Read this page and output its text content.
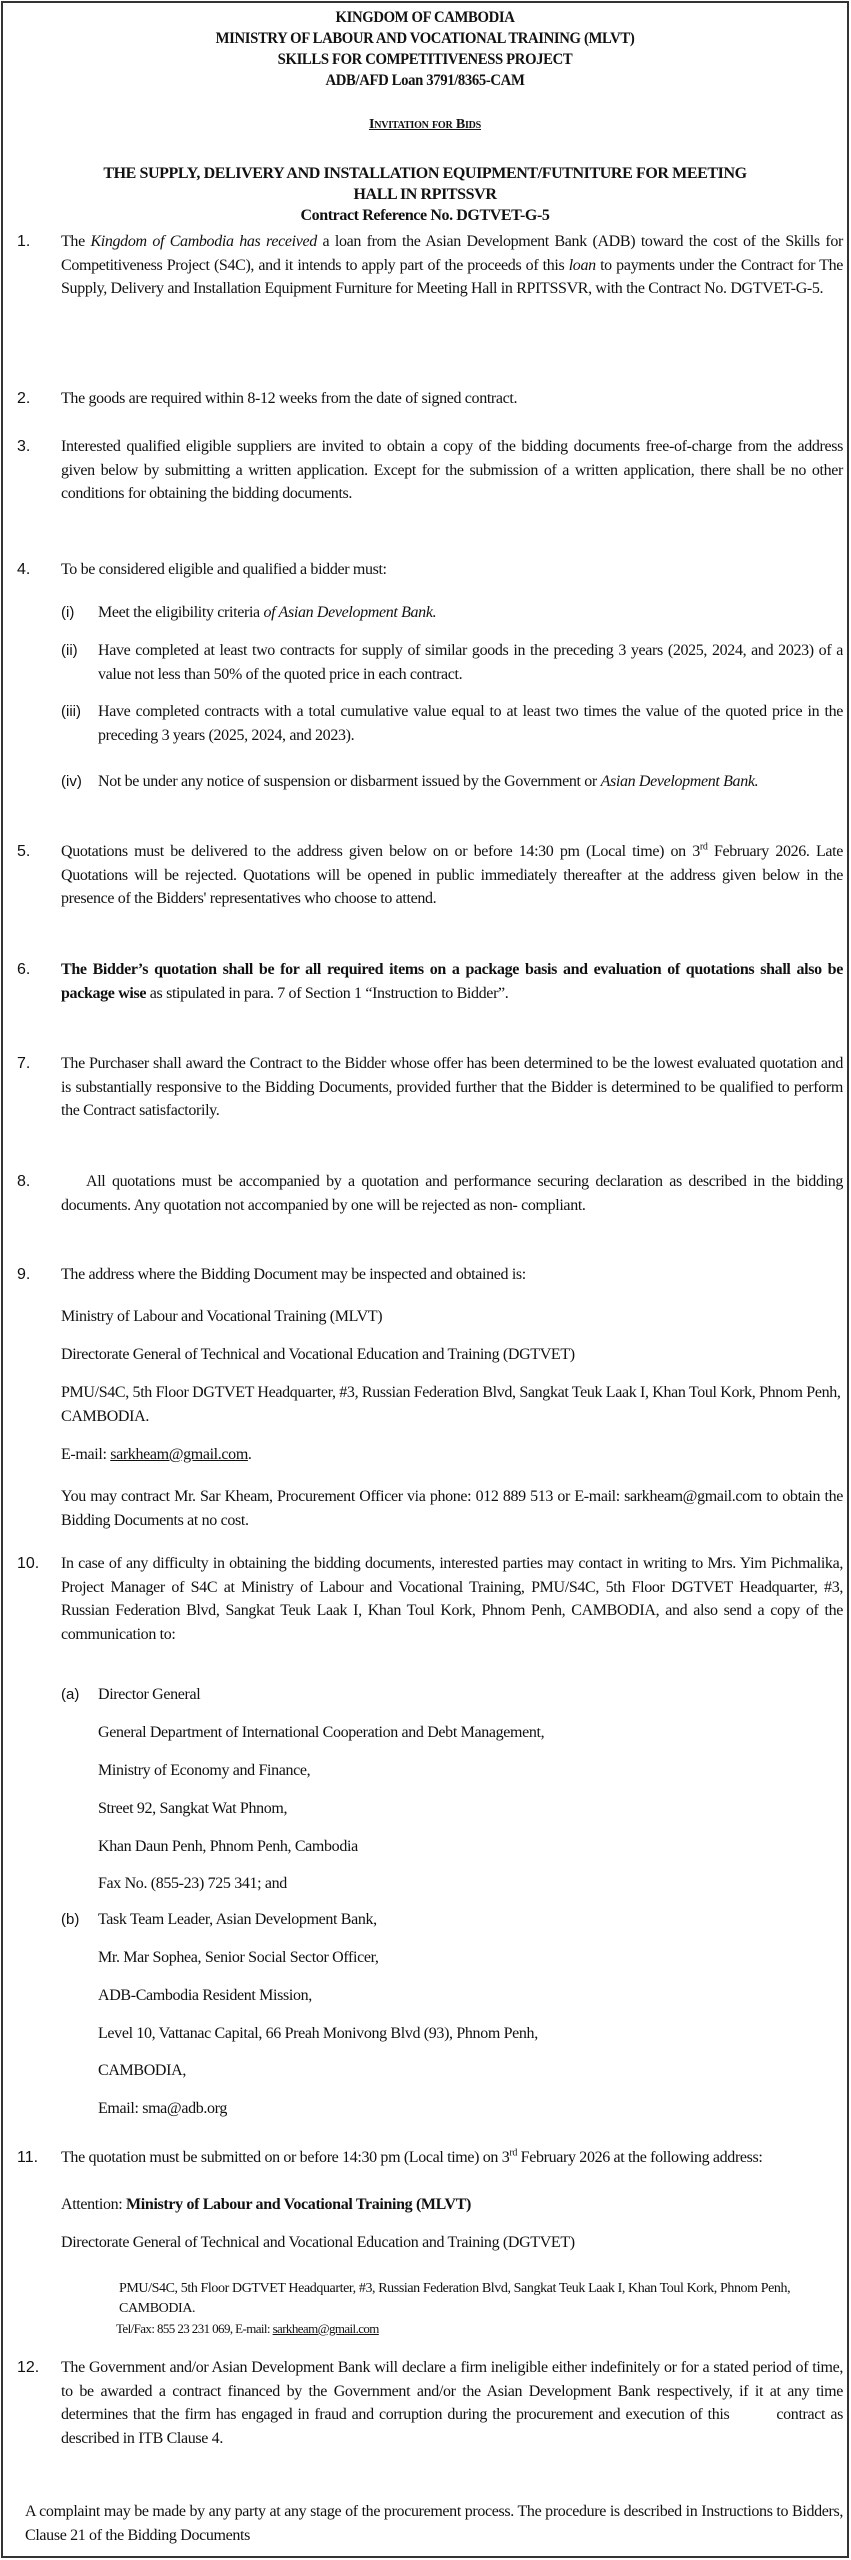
KINGDOM OF CAMBODIA
MINISTRY OF LABOUR AND VOCATIONAL TRAINING (MLVT)
SKILLS FOR COMPETITIVENESS PROJECT
ADB/AFD Loan 3791/8365-CAM
Invitation for Bids
THE SUPPLY, DELIVERY AND INSTALLATION EQUIPMENT/FUTNITURE FOR MEETING
HALL IN RPITSSVR
Contract Reference No. DGTVET-G-5
1.	The Kingdom of Cambodia has received a loan from the Asian Development Bank (ADB) toward the cost of the Skills for Competitiveness Project (S4C), and it intends to apply part of the proceeds of this loan to payments under the Contract for The Supply, Delivery and Installation Equipment Furniture for Meeting Hall in RPITSSVR, with the Contract No. DGTVET-G-5.
2.	The goods are required within 8-12 weeks from the date of signed contract.
3.	Interested qualified eligible suppliers are invited to obtain a copy of the bidding documents free-of-charge from the address given below by submitting a written application. Except for the submission of a written application, there shall be no other conditions for obtaining the bidding documents.
4.	To be considered eligible and qualified a bidder must:
(i)	Meet the eligibility criteria of Asian Development Bank.
(ii)	Have completed at least two contracts for supply of similar goods in the preceding 3 years (2025, 2024, and 2023) of a value not less than 50% of the quoted price in each contract.
(iii)	Have completed contracts with a total cumulative value equal to at least two times the value of the quoted price in the preceding 3 years (2025, 2024, and 2023).
(iv)	Not be under any notice of suspension or disbarment issued by the Government or Asian Development Bank.
5.	Quotations must be delivered to the address given below on or before 14:30 pm (Local time) on 3rd February 2026. Late Quotations will be rejected. Quotations will be opened in public immediately thereafter at the address given below in the presence of the Bidders' representatives who choose to attend.
6.	The Bidder’s quotation shall be for all required items on a package basis and evaluation of quotations shall also be package wise as stipulated in para. 7 of Section 1 “Instruction to Bidder”.
7.	The Purchaser shall award the Contract to the Bidder whose offer has been determined to be the lowest evaluated quotation and is substantially responsive to the Bidding Documents, provided further that the Bidder is determined to be qualified to perform the Contract satisfactorily.
8.	All quotations must be accompanied by a quotation and performance securing declaration as described in the bidding documents. Any quotation not accompanied by one will be rejected as non- compliant.
9.	The address where the Bidding Document may be inspected and obtained is:
Ministry of Labour and Vocational Training (MLVT)
Directorate General of Technical and Vocational Education and Training (DGTVET)
PMU/S4C, 5th Floor DGTVET Headquarter, #3, Russian Federation Blvd, Sangkat Teuk Laak I, Khan Toul Kork, Phnom Penh, CAMBODIA.
E-mail: sarkheam@gmail.com.
You may contract Mr. Sar Kheam, Procurement Officer via phone: 012 889 513 or E-mail: sarkheam@gmail.com to obtain the Bidding Documents at no cost.
10.	In case of any difficulty in obtaining the bidding documents, interested parties may contact in writing to Mrs. Yim Pichmalika, Project Manager of S4C at Ministry of Labour and Vocational Training, PMU/S4C, 5th Floor DGTVET Headquarter, #3, Russian Federation Blvd, Sangkat Teuk Laak I, Khan Toul Kork, Phnom Penh, CAMBODIA, and also send a copy of the communication to:
(a)	Director General
General Department of International Cooperation and Debt Management,
Ministry of Economy and Finance,
Street 92, Sangkat Wat Phnom,
Khan Daun Penh, Phnom Penh, Cambodia
Fax No. (855-23) 725 341; and
(b)	Task Team Leader, Asian Development Bank,
Mr. Mar Sophea, Senior Social Sector Officer,
ADB-Cambodia Resident Mission,
Level 10, Vattanac Capital, 66 Preah Monivong Blvd (93), Phnom Penh,
CAMBODIA,
Email: sma@adb.org
11.	The quotation must be submitted on or before 14:30 pm (Local time) on 3rd February 2026 at the following address:
Attention: Ministry of Labour and Vocational Training (MLVT)
Directorate General of Technical and Vocational Education and Training (DGTVET)
PMU/S4C, 5th Floor DGTVET Headquarter, #3, Russian Federation Blvd, Sangkat Teuk Laak I, Khan Toul Kork, Phnom Penh, CAMBODIA.
Tel/Fax: 855 23 231 069, E-mail: sarkheam@gmail.com
12.	The Government and/or Asian Development Bank will declare a firm ineligible either indefinitely or for a stated period of time, to be awarded a contract financed by the Government and/or the Asian Development Bank respectively, if it at any time determines that the firm has engaged in fraud and corruption during the procurement and execution of this         contract as described in ITB Clause 4.
A complaint may be made by any party at any stage of the procurement process. The procedure is described in Instructions to Bidders, Clause 21 of the Bidding Documents
